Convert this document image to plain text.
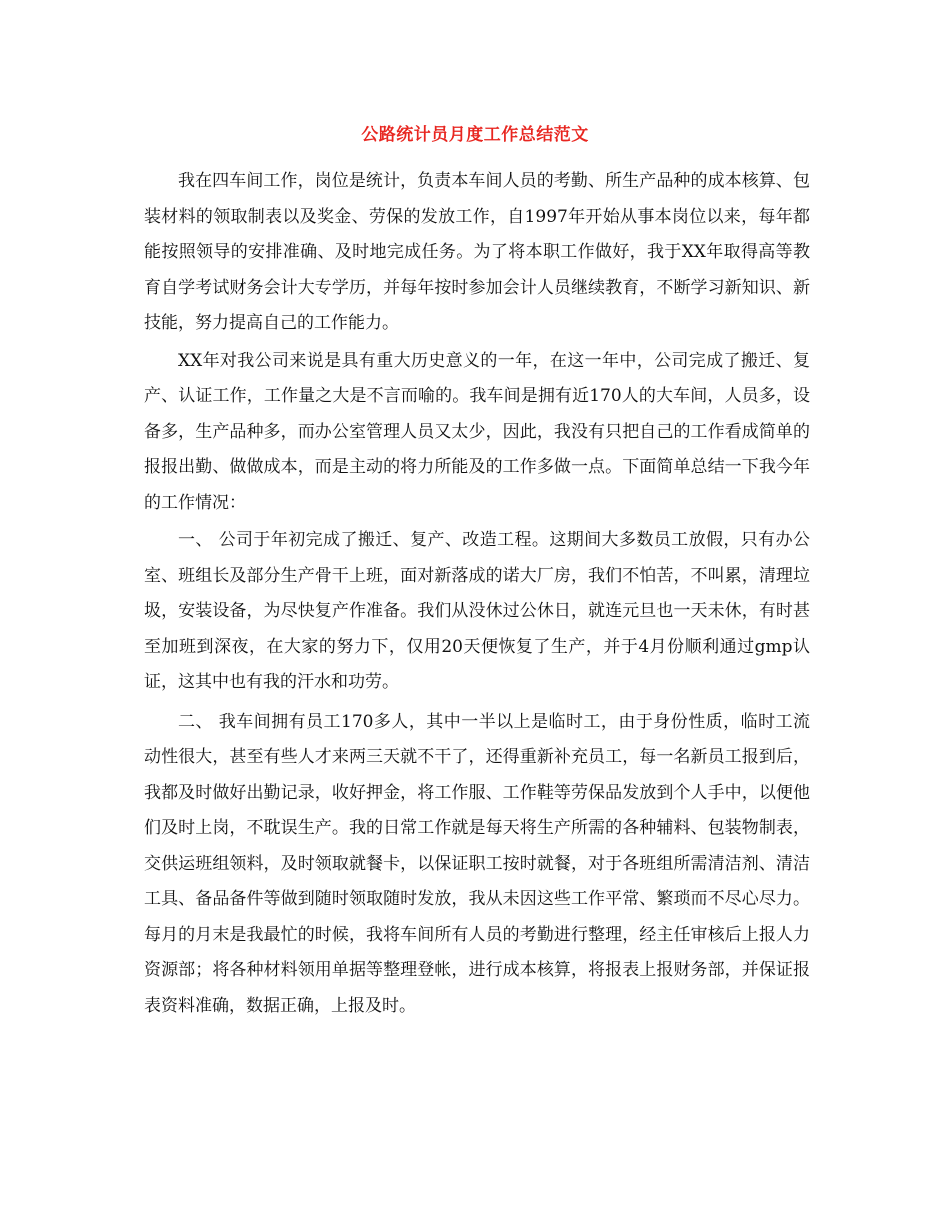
公路统计员月度工作总结范文

我在四车间工作，岗位是统计，负责本车间人员的考勤、所生产品种的成本核算、包装材料的领取制表以及奖金、劳保的发放工作，自1997年开始从事本岗位以来，每年都能按照领导的安排准确、及时地完成任务。为了将本职工作做好，我于XX年取得高等教育自学考试财务会计大专学历，并每年按时参加会计人员继续教育，不断学习新知识、新技能，努力提高自己的工作能力。

XX年对我公司来说是具有重大历史意义的一年，在这一年中，公司完成了搬迁、复产、认证工作，工作量之大是不言而喻的。我车间是拥有近170人的大车间，人员多，设备多，生产品种多，而办公室管理人员又太少，因此，我没有只把自己的工作看成简单的报报出勤、做做成本，而是主动的将力所能及的工作多做一点。下面简单总结一下我今年的工作情况：

一、 公司于年初完成了搬迁、复产、改造工程。这期间大多数员工放假，只有办公室、班组长及部分生产骨干上班，面对新落成的诺大厂房，我们不怕苦，不叫累，清理垃圾，安装设备，为尽快复产作准备。我们从没休过公休日，就连元旦也一天未休，有时甚至加班到深夜，在大家的努力下，仅用20天便恢复了生产，并于4月份顺利通过gmp认证，这其中也有我的汗水和功劳。

二、 我车间拥有员工170多人，其中一半以上是临时工，由于身份性质，临时工流动性很大，甚至有些人才来两三天就不干了，还得重新补充员工，每一名新员工报到后，我都及时做好出勤记录，收好押金，将工作服、工作鞋等劳保品发放到个人手中，以便他们及时上岗，不耽误生产。我的日常工作就是每天将生产所需的各种辅料、包装物制表，交供运班组领料，及时领取就餐卡，以保证职工按时就餐，对于各班组所需清洁剂、清洁工具、备品备件等做到随时领取随时发放，我从未因这些工作平常、繁琐而不尽心尽力。每月的月末是我最忙的时候，我将车间所有人员的考勤进行整理，经主任审核后上报人力资源部；将各种材料领用单据等整理登帐，进行成本核算，将报表上报财务部，并保证报表资料准确，数据正确，上报及时。
